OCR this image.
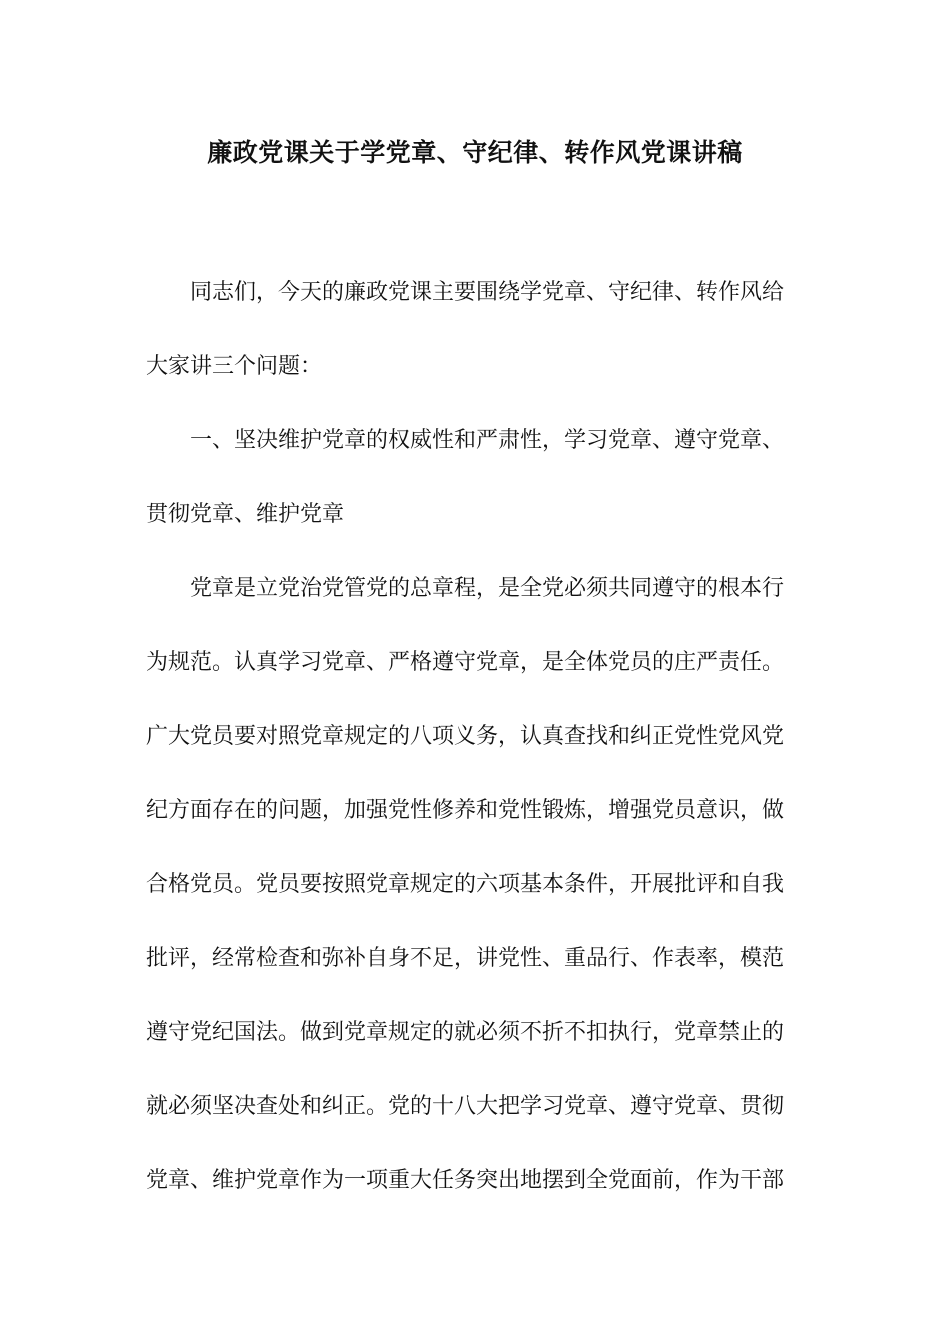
廉政党课关于学党章、守纪律、转作风党课讲稿
同志们，今天的廉政党课主要围绕学党章、守纪律、转作风给
大家讲三个问题：
一、坚决维护党章的权威性和严肃性，学习党章、遵守党章、
贯彻党章、维护党章
党章是立党治党管党的总章程，是全党必须共同遵守的根本行
为规范。认真学习党章、严格遵守党章，是全体党员的庄严责任。
广大党员要对照党章规定的八项义务，认真查找和纠正党性党风党
纪方面存在的问题，加强党性修养和党性锻炼，增强党员意识，做
合格党员。党员要按照党章规定的六项基本条件，开展批评和自我
批评，经常检查和弥补自身不足，讲党性、重品行、作表率，模范
遵守党纪国法。做到党章规定的就必须不折不扣执行，党章禁止的
就必须坚决查处和纠正。党的十八大把学习党章、遵守党章、贯彻
党章、维护党章作为一项重大任务突出地摆到全党面前，作为干部
